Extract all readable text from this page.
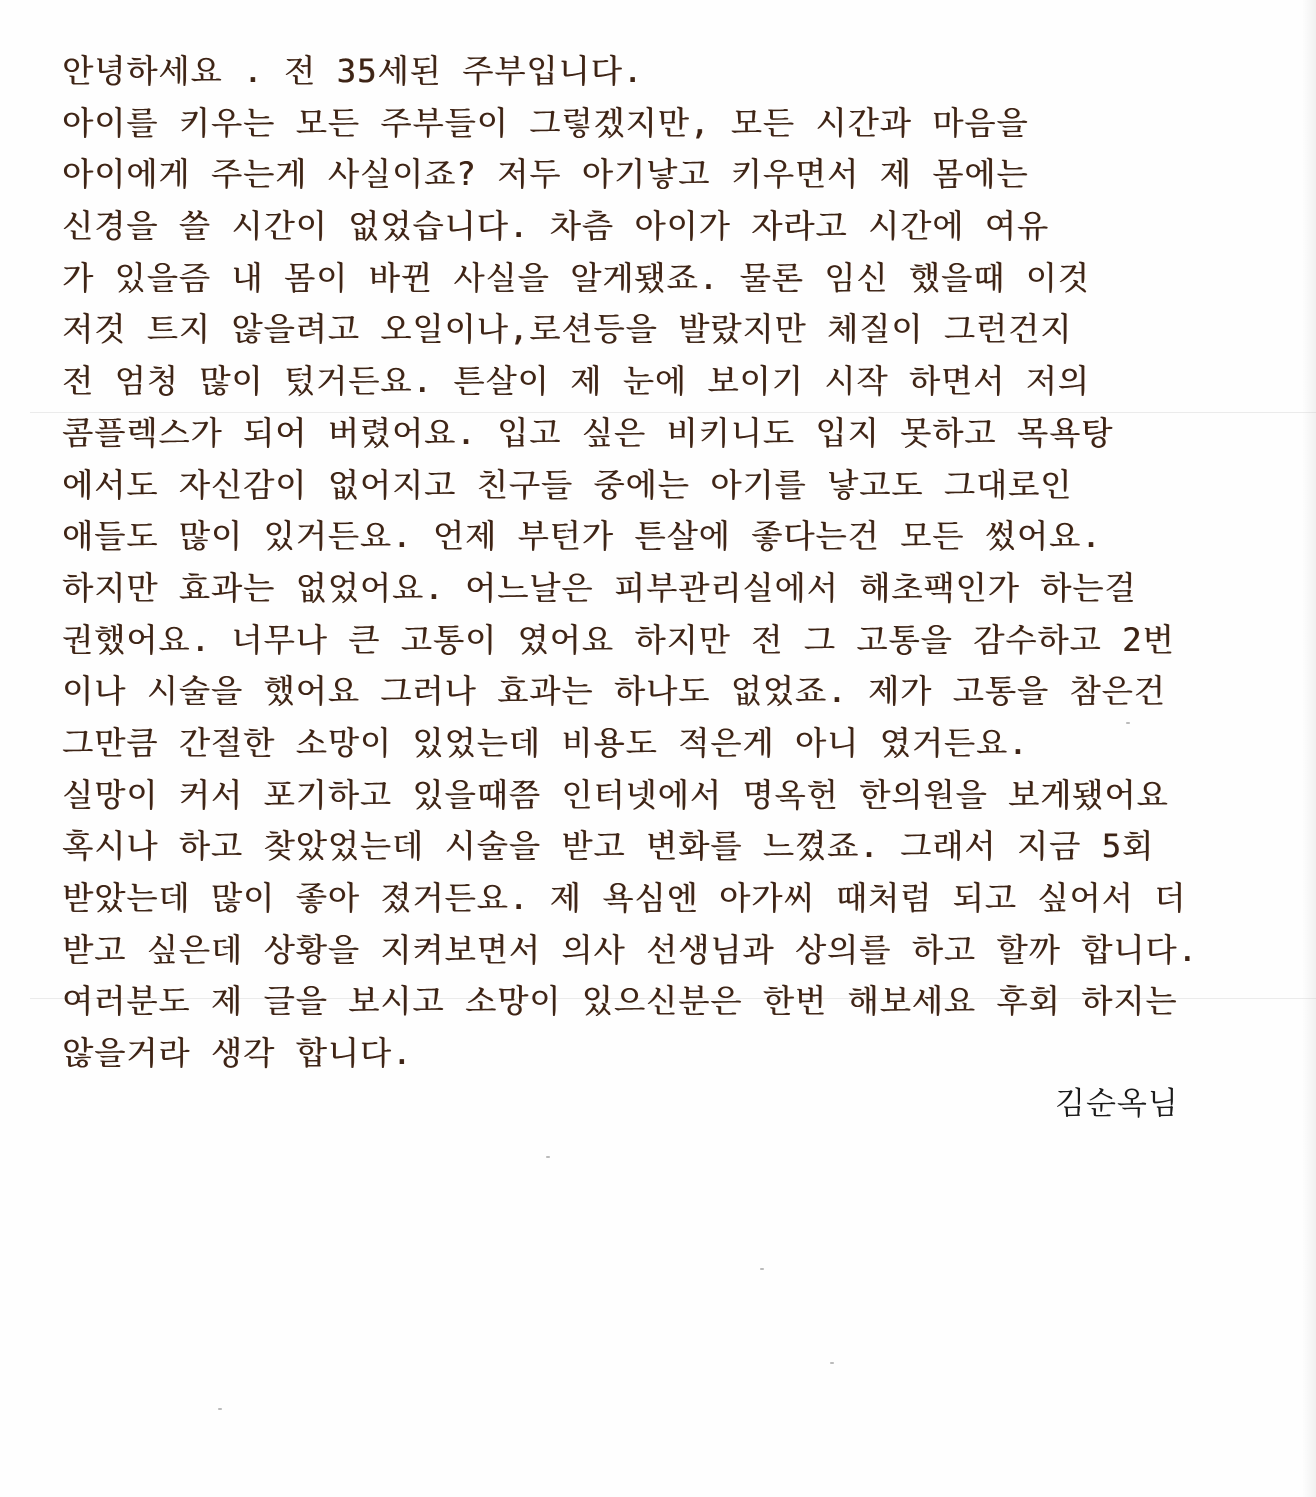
안녕하세요 . 전 35세된 주부입니다.
아이를 키우는 모든 주부들이 그렇겠지만, 모든 시간과 마음을
아이에게 주는게 사실이죠? 저두 아기낳고 키우면서 제 몸에는
신경을 쓸 시간이 없었습니다. 차츰 아이가 자라고 시간에 여유
가 있을즘 내 몸이 바뀐 사실을 알게됐죠. 물론 임신 했을때 이것
저것 트지 않을려고 오일이나,로션등을 발랐지만 체질이 그런건지
전 엄청 많이 텄거든요. 튼살이 제 눈에 보이기 시작 하면서 저의
콤플렉스가 되어 버렸어요. 입고 싶은 비키니도 입지 못하고 목욕탕
에서도 자신감이 없어지고 친구들 중에는 아기를 낳고도 그대로인
애들도 많이 있거든요. 언제 부턴가 튼살에 좋다는건 모든 썼어요.
하지만 효과는 없었어요. 어느날은 피부관리실에서 해초팩인가 하는걸
권했어요. 너무나 큰 고통이 였어요 하지만 전 그 고통을 감수하고 2번
이나 시술을 했어요 그러나 효과는 하나도 없었죠. 제가 고통을 참은건
그만큼 간절한 소망이 있었는데 비용도 적은게 아니 였거든요.
실망이 커서 포기하고 있을때쯤 인터넷에서 명옥헌 한의원을 보게됐어요
혹시나 하고 찾았었는데 시술을 받고 변화를 느꼈죠. 그래서 지금 5회
받았는데 많이 좋아 졌거든요. 제 욕심엔 아가씨 때처럼 되고 싶어서 더
받고 싶은데 상황을 지켜보면서 의사 선생님과 상의를 하고 할까 합니다.
여러분도 제 글을 보시고 소망이 있으신분은 한번 해보세요 후회 하지는
않을거라 생각 합니다.
김순옥님
